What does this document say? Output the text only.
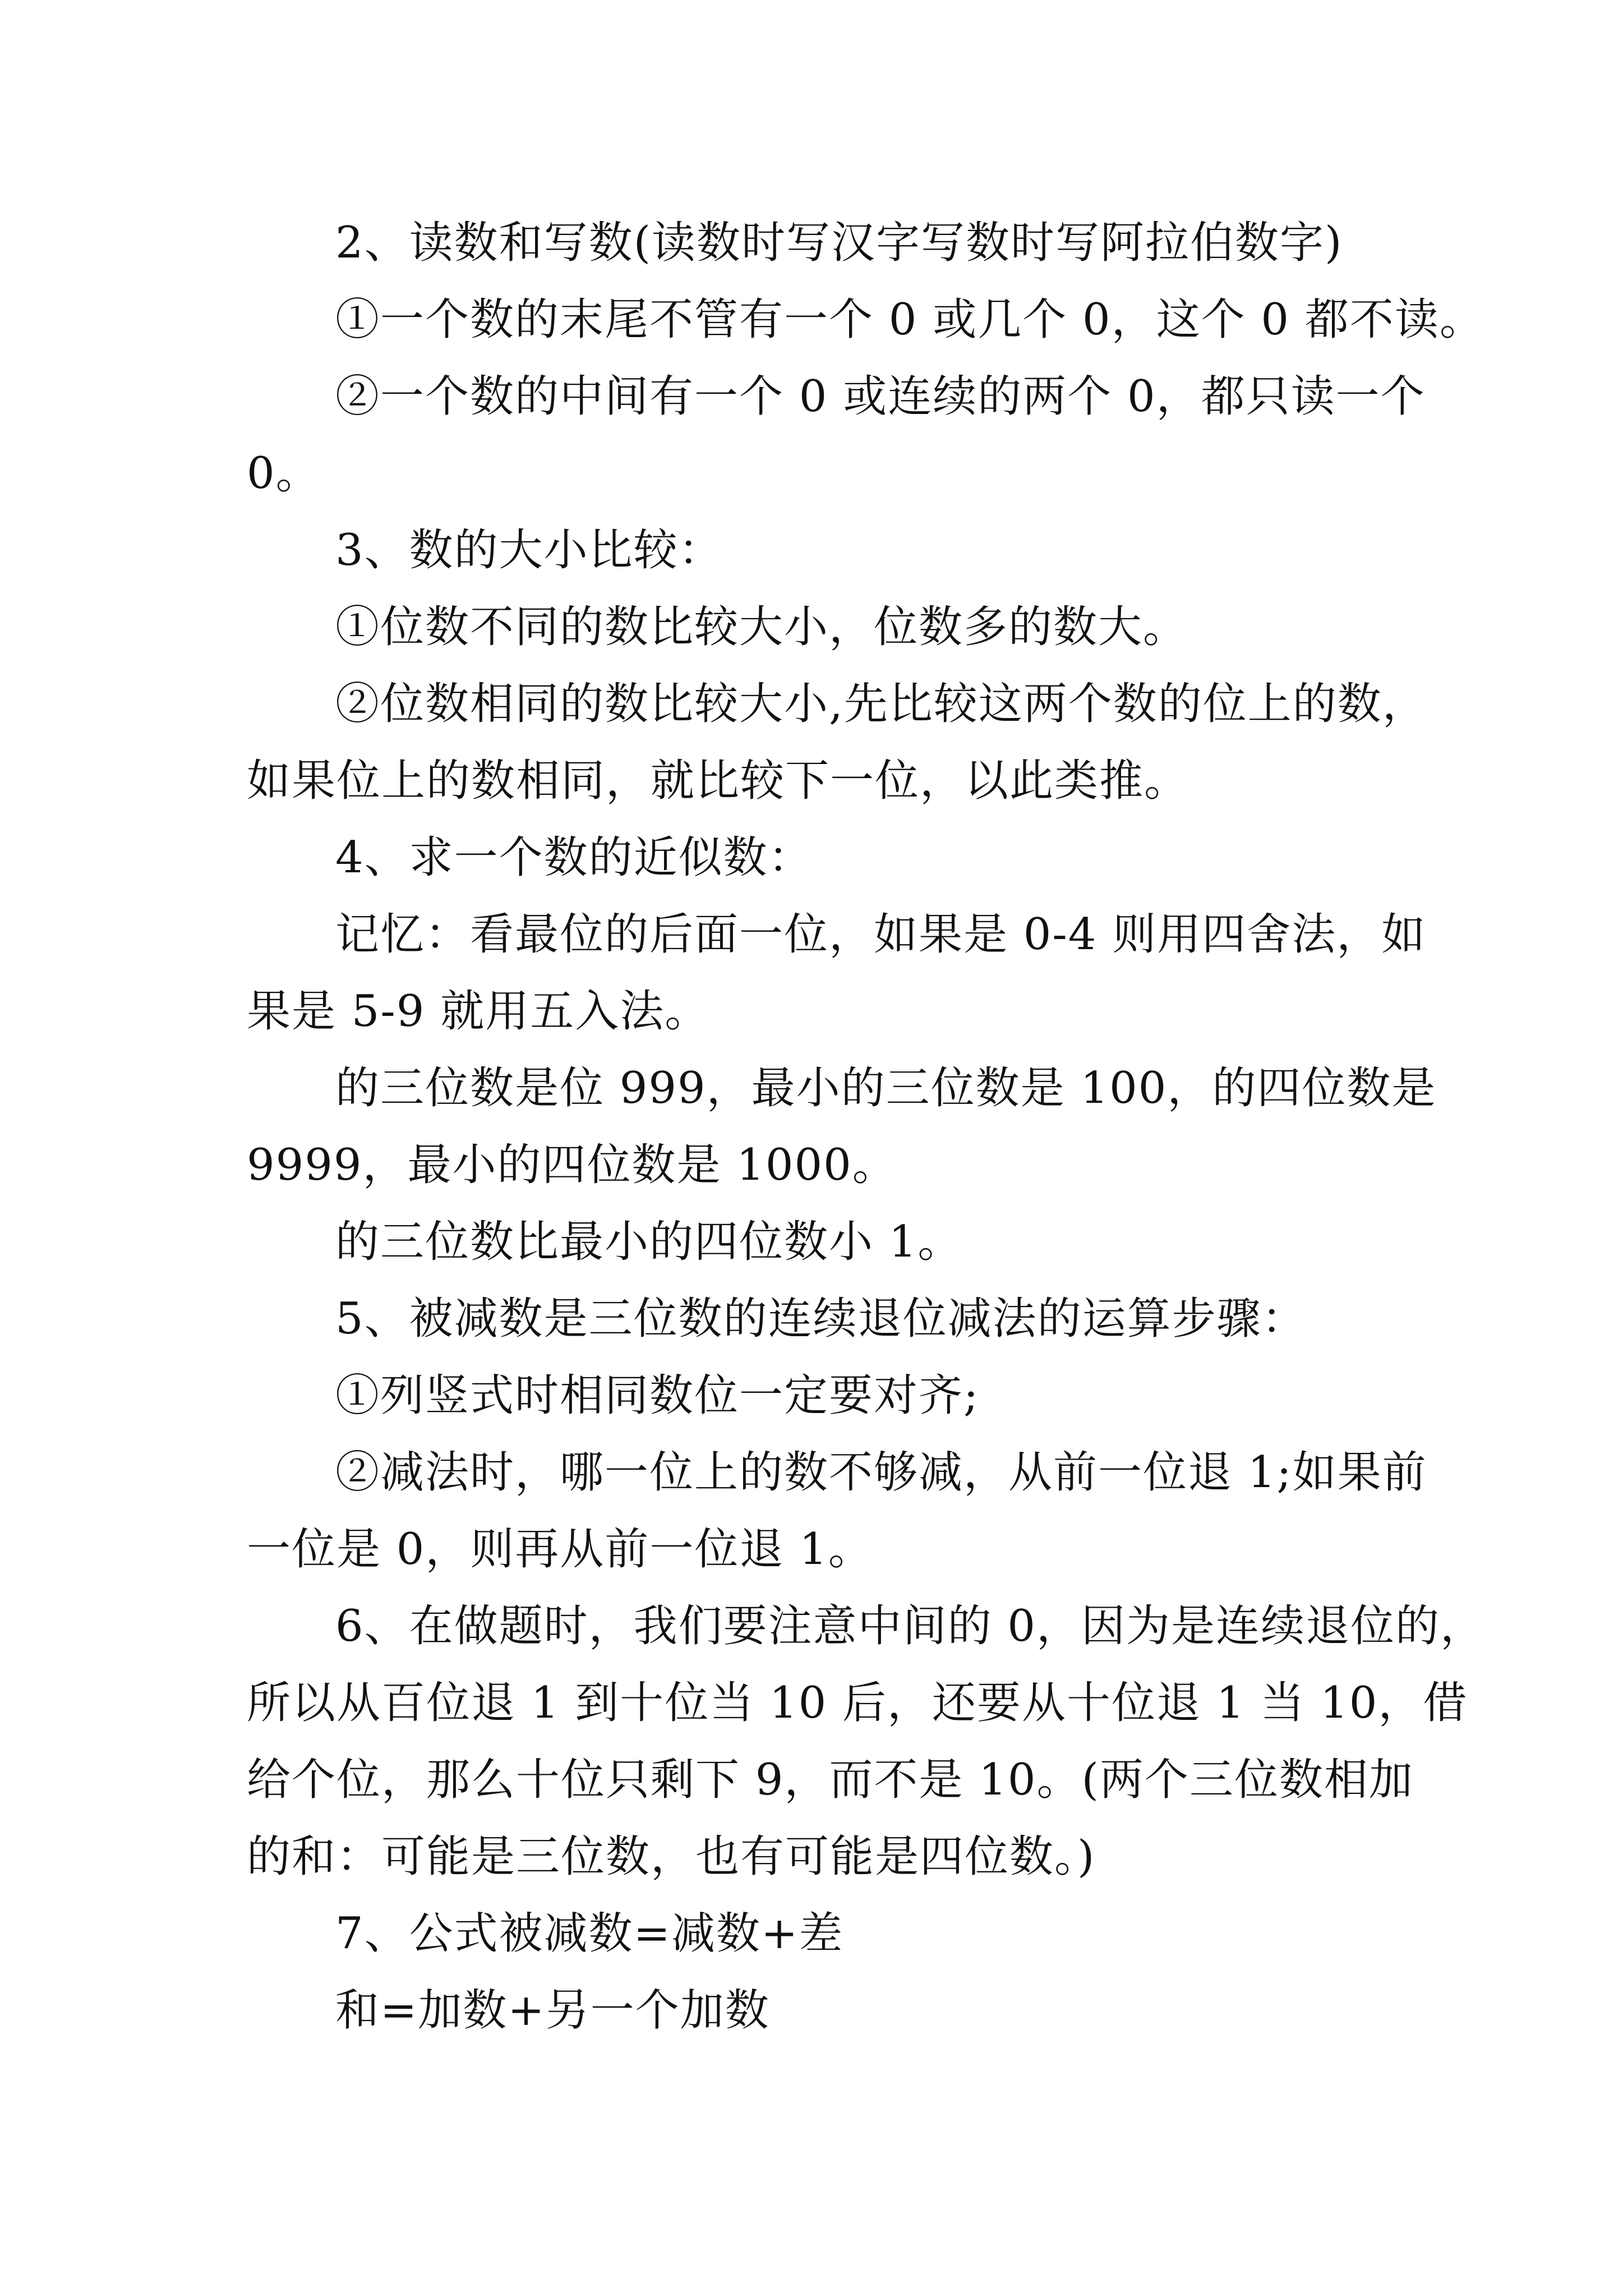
2、读数和写数(读数时写汉字写数时写阿拉伯数字)
①一个数的末尾不管有一个 0 或几个 0，这个 0 都不读。
②一个数的中间有一个 0 或连续的两个 0，都只读一个
0。
3、数的大小比较：
①位数不同的数比较大小，位数多的数大。
②位数相同的数比较大小,先比较这两个数的位上的数，
如果位上的数相同，就比较下一位，以此类推。
4、求一个数的近似数：
记忆：看最位的后面一位，如果是 0-4 则用四舍法，如
果是 5-9 就用五入法。
的三位数是位 999，最小的三位数是 100，的四位数是
9999，最小的四位数是 1000。
的三位数比最小的四位数小 1。
5、被减数是三位数的连续退位减法的运算步骤：
①列竖式时相同数位一定要对齐;
②减法时，哪一位上的数不够减，从前一位退 1;如果前
一位是 0，则再从前一位退 1。
6、在做题时，我们要注意中间的 0，因为是连续退位的，
所以从百位退 1 到十位当 10 后，还要从十位退 1 当 10，借
给个位，那么十位只剩下 9，而不是 10。(两个三位数相加
的和：可能是三位数，也有可能是四位数。)
7、公式被减数=减数+差
和=加数+另一个加数
